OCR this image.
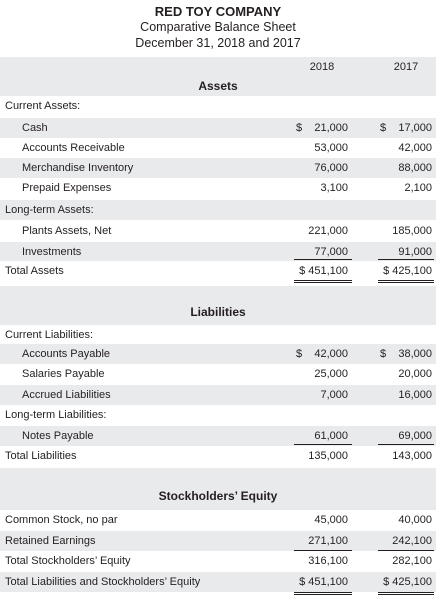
RED TOY COMPANY
Comparative Balance Sheet
December 31, 2018 and 2017
2018	2017
Assets
Current Assets:
Cash	$ 21,000	$ 17,000
Accounts Receivable	53,000	42,000
Merchandise Inventory	76,000	88,000
Prepaid Expenses	3,100	2,100
Long-term Assets:
Plants Assets, Net	221,000	185,000
Investments	77,000	91,000
Total Assets	$ 451,100	$ 425,100
Liabilities
Current Liabilities:
Accounts Payable	$ 42,000	$ 38,000
Salaries Payable	25,000	20,000
Accrued Liabilities	7,000	16,000
Long-term Liabilities:
Notes Payable	61,000	69,000
Total Liabilities	135,000	143,000
Stockholders’ Equity
Common Stock, no par	45,000	40,000
Retained Earnings	271,100	242,100
Total Stockholders’ Equity	316,100	282,100
Total Liabilities and Stockholders’ Equity	$ 451,100	$ 425,100
